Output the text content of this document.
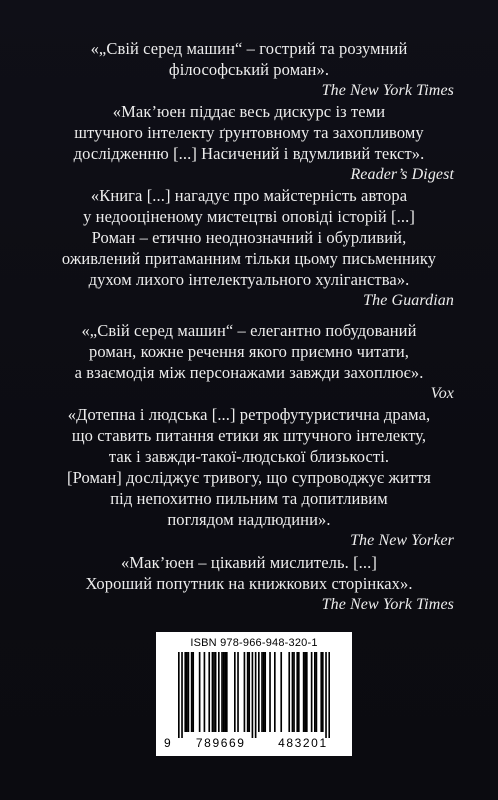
«„Свій серед машин“ – гострий та розумний
філософський роман».
The New York Times
«Мак’юен піддає весь дискурс із теми
штучного інтелекту ґрунтовному та захопливому
дослідженню [...] Насичений і вдумливий текст».
Reader’s Digest
«Книга [...] нагадує про майстерність автора
у недооціненому мистецтві оповіді історій [...]
Роман – етично неоднозначний і обурливий,
оживлений притаманним тільки цьому письменнику
духом лихого інтелектуального хуліганства».
The Guardian
«„Свій серед машин“ – елегантно побудований
роман, кожне речення якого приємно читати,
а взаємодія між персонажами завжди захоплює».
Vox
«Дотепна і людська [...] ретрофутуристична драма,
що ставить питання етики як штучного інтелекту,
так і завжди-такої-людської близькості.
[Роман] досліджує тривогу, що супроводжує життя
під непохитно пильним та допитливим
поглядом надлюдини».
The New Yorker
«Мак’юен – цікавий мислитель. [...]
Хороший попутник на книжкових сторінках».
The New York Times
ISBN 978-966-948-320-1
9	789669	483201
